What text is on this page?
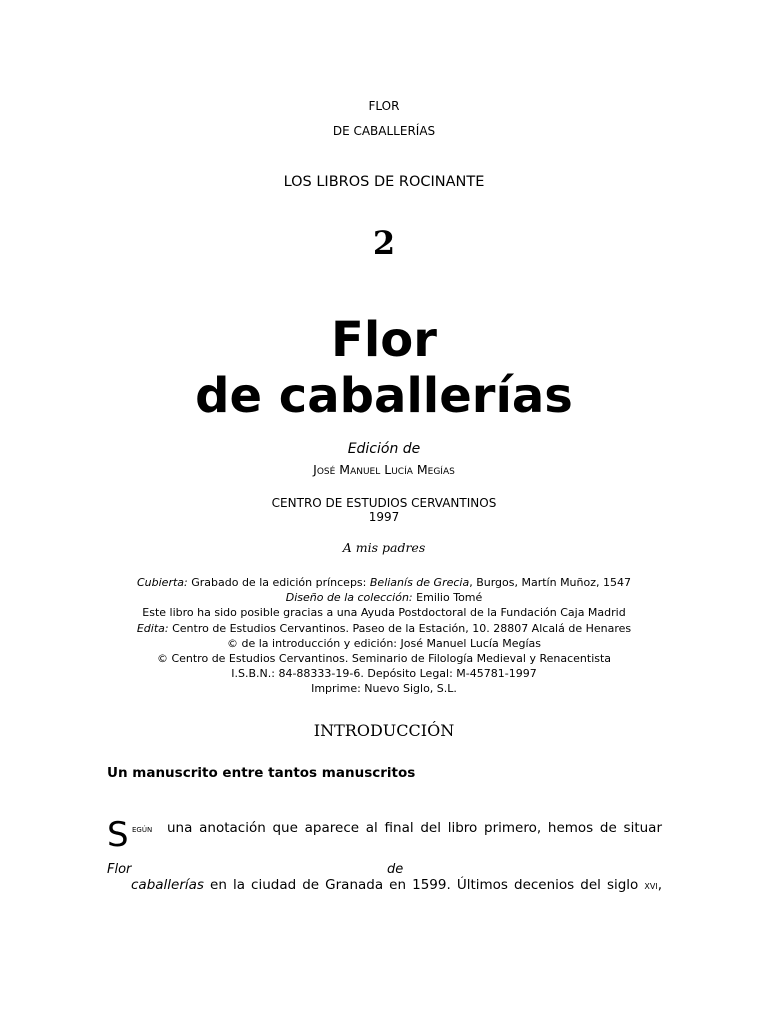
FLOR
DE CABALLERÍAS
LOS LIBROS DE ROCINANTE
2
Flor
de caballerías
Edición de
José Manuel Lucía Megías
CENTRO DE ESTUDIOS CERVANTINOS
1997
A mis padres
Cubierta: Grabado de la edición prínceps: Belianís de Grecia, Burgos, Martín Muñoz, 1547
Diseño de la colección: Emilio Tomé
Este libro ha sido posible gracias a una Ayuda Postdoctoral de la Fundación Caja Madrid
Edita: Centro de Estudios Cervantinos. Paseo de la Estación, 10. 28807 Alcalá de Henares
© de la introducción y edición: José Manuel Lucía Megías
© Centro de Estudios Cervantinos. Seminario de Filología Medieval y Renacentista
I.S.B.N.: 84-88333-19-6. Depósito Legal: M-45781-1997
Imprime: Nuevo Siglo, S.L.
INTRODUCCIÓN
Un manuscrito entre tantos manuscritos
S egún una anotación que aparece al final del libro primero, hemos de situar
Flor	de
caballerías en la ciudad de Granada en 1599. Últimos decenios del siglo xvi,
